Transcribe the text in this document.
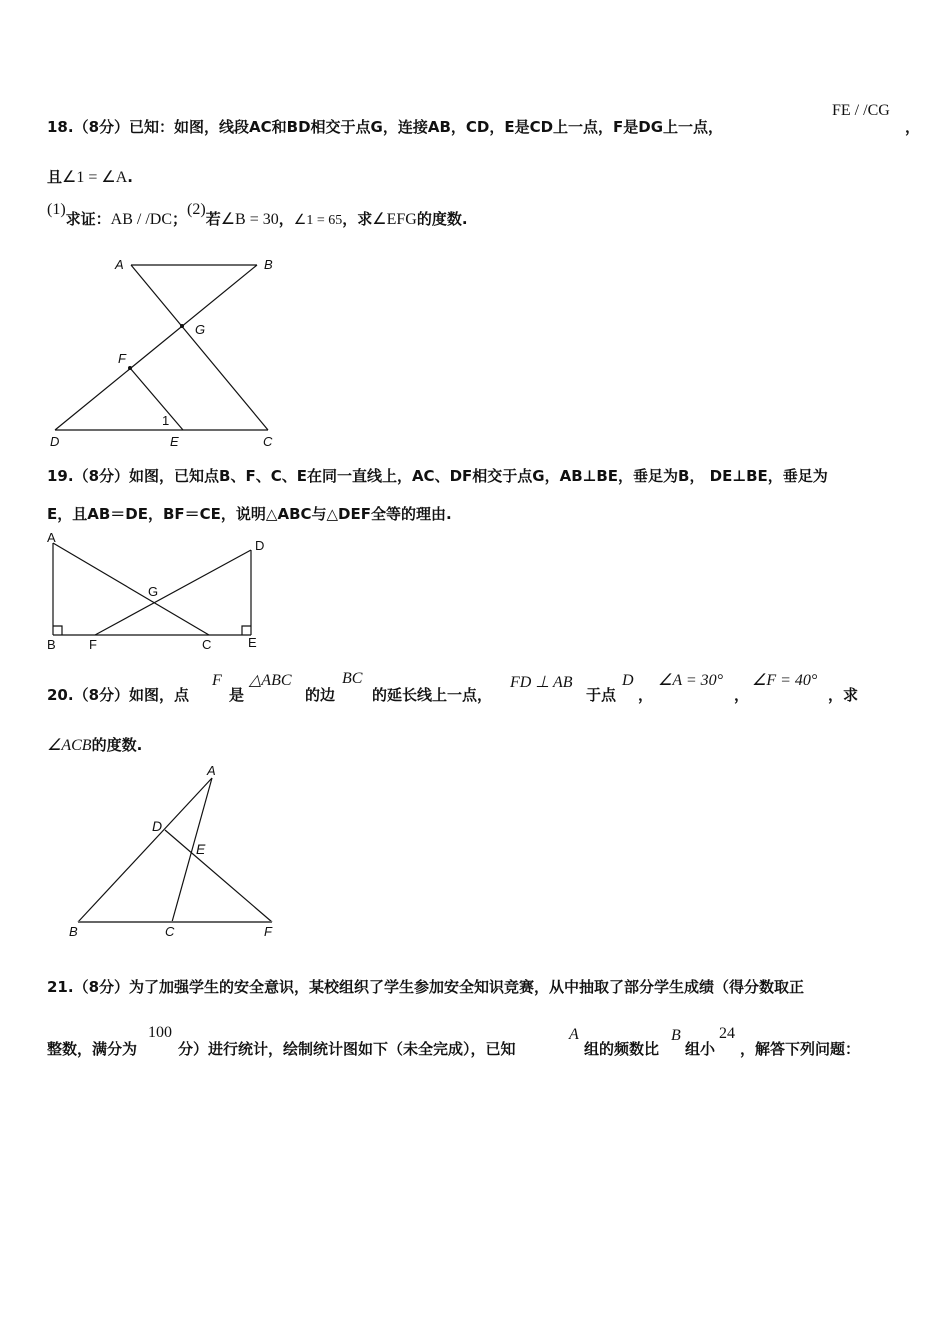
18.（8分）已知：如图，线段AC和BD相交于点G，连接AB，CD，E是CD上一点，F是DG上一点，
FE / /CG
，
且∠1 = ∠A.
(1)求证：AB / /DC；(2)若∠B = 30，∠1 = 65，求∠EFG的度数.
A	B
G
F
1
D	E	C
19.（8分）如图，已知点B、F、C、E在同一直线上，AC、DF相交于点G，AB⊥BE，垂足为B， DE⊥BE，垂足为
E，且AB＝DE，BF＝CE，说明△ABC与△DEF全等的理由.
A
D
G
B	F	C	E
20.（8分）如图，点
F
是
△ABC
的边
BC
的延长线上一点，
FD ⊥ AB
于点
D
，
∠A = 30°
，
∠F = 40°
，求
∠ACB的度数.
A
D
E
B	C	F
21.（8分）为了加强学生的安全意识，某校组织了学生参加安全知识竞赛，从中抽取了部分学生成绩（得分数取正
整数，满分为
100
分）进行统计，绘制统计图如下（未全完成），已知
A
组的频数比
B
组小
24
，解答下列问题：
